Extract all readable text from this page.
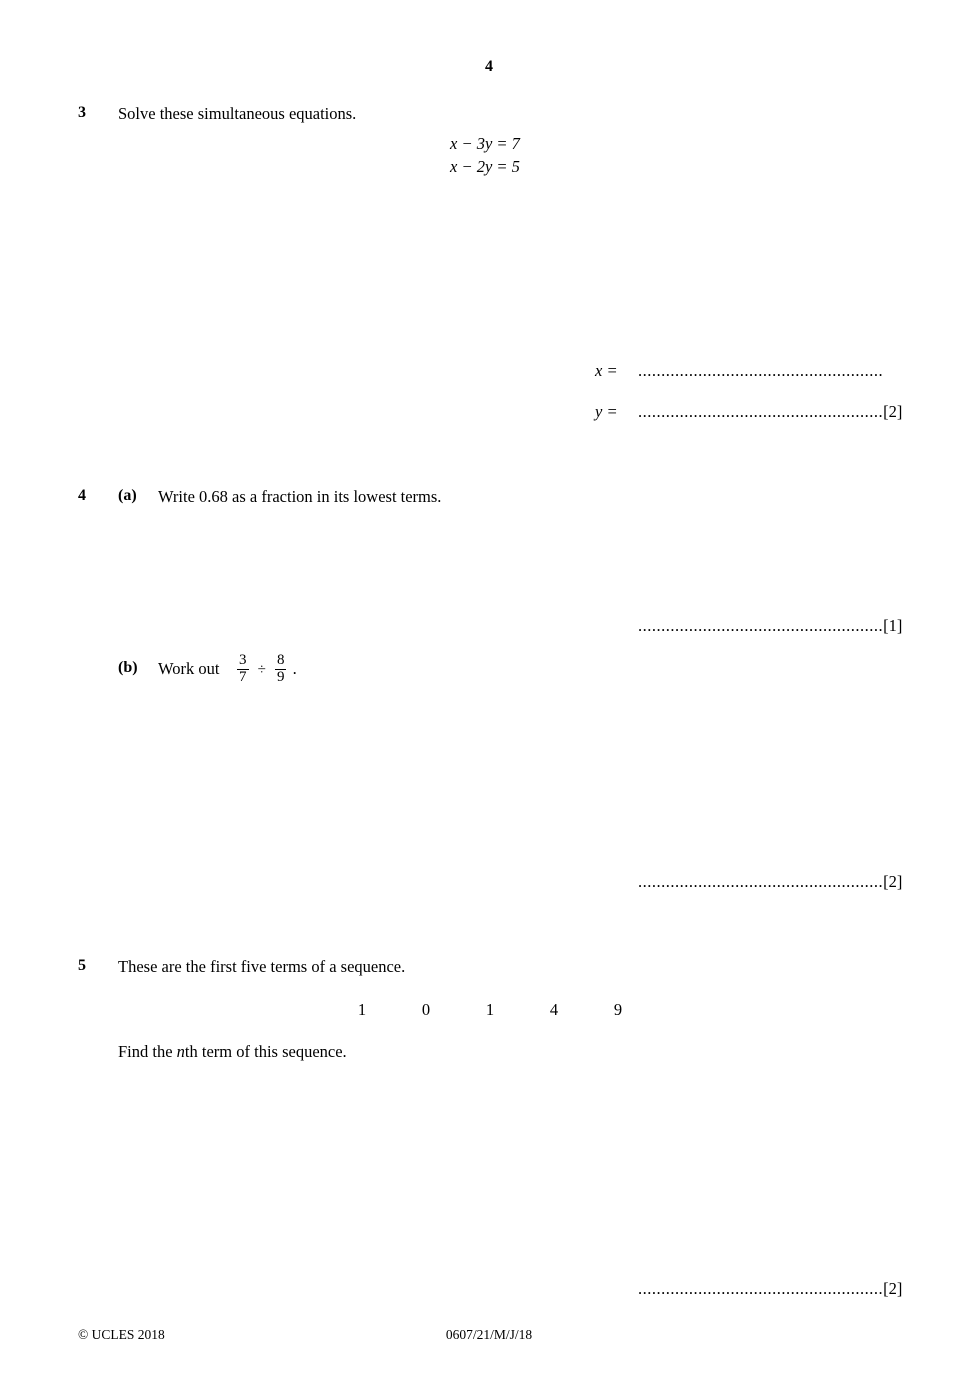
4
3 Solve these simultaneous equations.
x − 3y = 7
x − 2y = 5
x = .....................................................
y = .....................................................[2]
4 (a) Write 0.68 as a fraction in its lowest terms.
.....................................................[1]
(b) Work out $\frac{3}{7} \div \frac{8}{9}$ .
.....................................................[2]
5 These are the first five terms of a sequence.
1	0	1	4	9
Find the nth term of this sequence.
.....................................................[2]
© UCLES 2018	0607/21/M/J/18
